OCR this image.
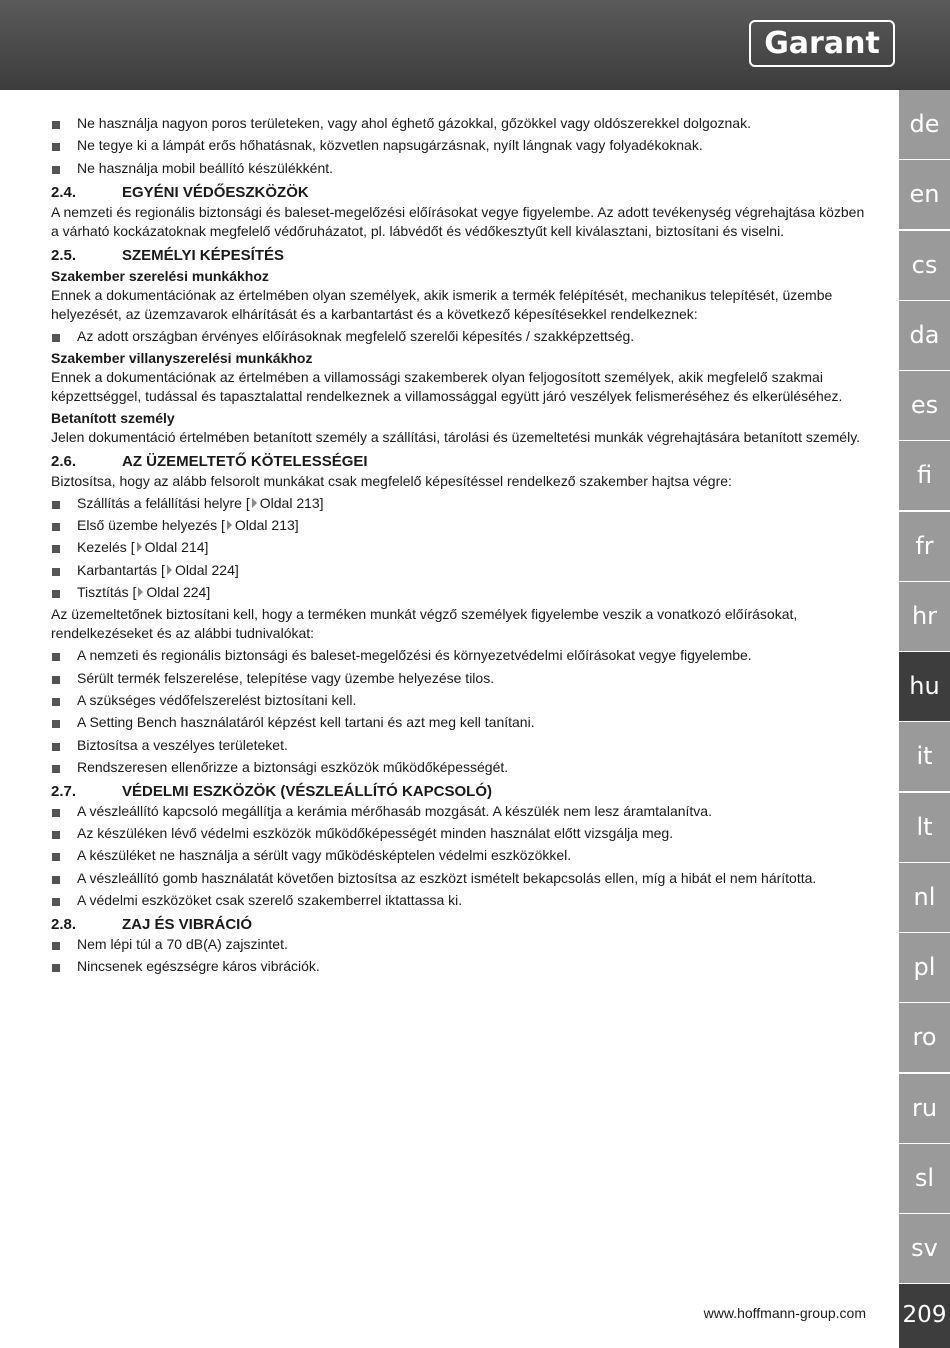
Garant
de
en
cs
da
es
fi
fr
hr
hu
it
lt
nl
pl
ro
ru
sl
sv
Ne használja nagyon poros területeken, vagy ahol éghető gázokkal, gőzökkel vagy oldószerekkel dolgoznak.
Ne tegye ki a lámpát erős hőhatásnak, közvetlen napsugárzásnak, nyílt lángnak vagy folyadékoknak.
Ne használja mobil beállító készülékként.
2.4.	EGYÉNI VÉDŐESZKÖZÖK

A nemzeti és regionális biztonsági és baleset-megelőzési előírásokat vegye figyelembe. Az adott tevékenység végrehajtása közben a várható kockázatoknak megfelelő védőruházatot, pl. lábvédőt és védőkesztyűt kell kiválasztani, biztosítani és viselni.

2.5.	SZEMÉLYI KÉPESÍTÉS
Szakember szerelési munkákhoz

Ennek a dokumentációnak az értelmében olyan személyek, akik ismerik a termék felépítését, mechanikus telepítését, üzembe helyezését, az üzemzavarok elhárítását és a karbantartást és a következő képesítésekkel rendelkeznek:

Az adott országban érvényes előírásoknak megfelelő szerelői képesítés / szakképzettség.
Szakember villanyszerelési munkákhoz

Ennek a dokumentációnak az értelmében a villamossági szakemberek olyan feljogosított személyek, akik megfelelő szakmai képzettséggel, tudással és tapasztalattal rendelkeznek a villamossággal együtt járó veszélyek felismeréséhez és elkerüléséhez.

Betanított személy

Jelen dokumentáció értelmében betanított személy a szállítási, tárolási és üzemeltetési munkák végrehajtására betanított személy.

2.6.	AZ ÜZEMELTETŐ KÖTELESSÉGEI

Biztosítsa, hogy az alább felsorolt munkákat csak megfelelő képesítéssel rendelkező szakember hajtsa végre:

Szállítás a felállítási helyre [ Oldal 213]
Első üzembe helyezés [ Oldal 213]
Kezelés [ Oldal 214]
Karbantartás [ Oldal 224]
Tisztítás [ Oldal 224]

Az üzemeltetőnek biztosítani kell, hogy a terméken munkát végző személyek figyelembe veszik a vonatkozó előírásokat, rendelkezéseket és az alábbi tudnivalókat:

A nemzeti és regionális biztonsági és baleset-megelőzési és környezetvédelmi előírásokat vegye figyelembe.
Sérült termék felszerelése, telepítése vagy üzembe helyezése tilos.
A szükséges védőfelszerelést biztosítani kell.
A Setting Bench használatáról képzést kell tartani és azt meg kell tanítani.
Biztosítsa a veszélyes területeket.
Rendszeresen ellenőrizze a biztonsági eszközök működőképességét.
2.7.	VÉDELMI ESZKÖZÖK (VÉSZLEÁLLÍTÓ KAPCSOLÓ)
A vészleállító kapcsoló megállítja a kerámia mérőhasáb mozgását. A készülék nem lesz áramtalanítva.
Az készüléken lévő védelmi eszközök működőképességét minden használat előtt vizsgálja meg.
A készüléket ne használja a sérült vagy működésképtelen védelmi eszközökkel.
A vészleállító gomb használatát követően biztosítsa az eszközt ismételt bekapcsolás ellen, míg a hibát el nem hárította.
A védelmi eszközöket csak szerelő szakemberrel iktattassa ki.
2.8.	ZAJ ÉS VIBRÁCIÓ
Nem lépi túl a 70 dB(A) zajszintet.
Nincsenek egészségre káros vibrációk.
www.hoffmann-group.com 209
